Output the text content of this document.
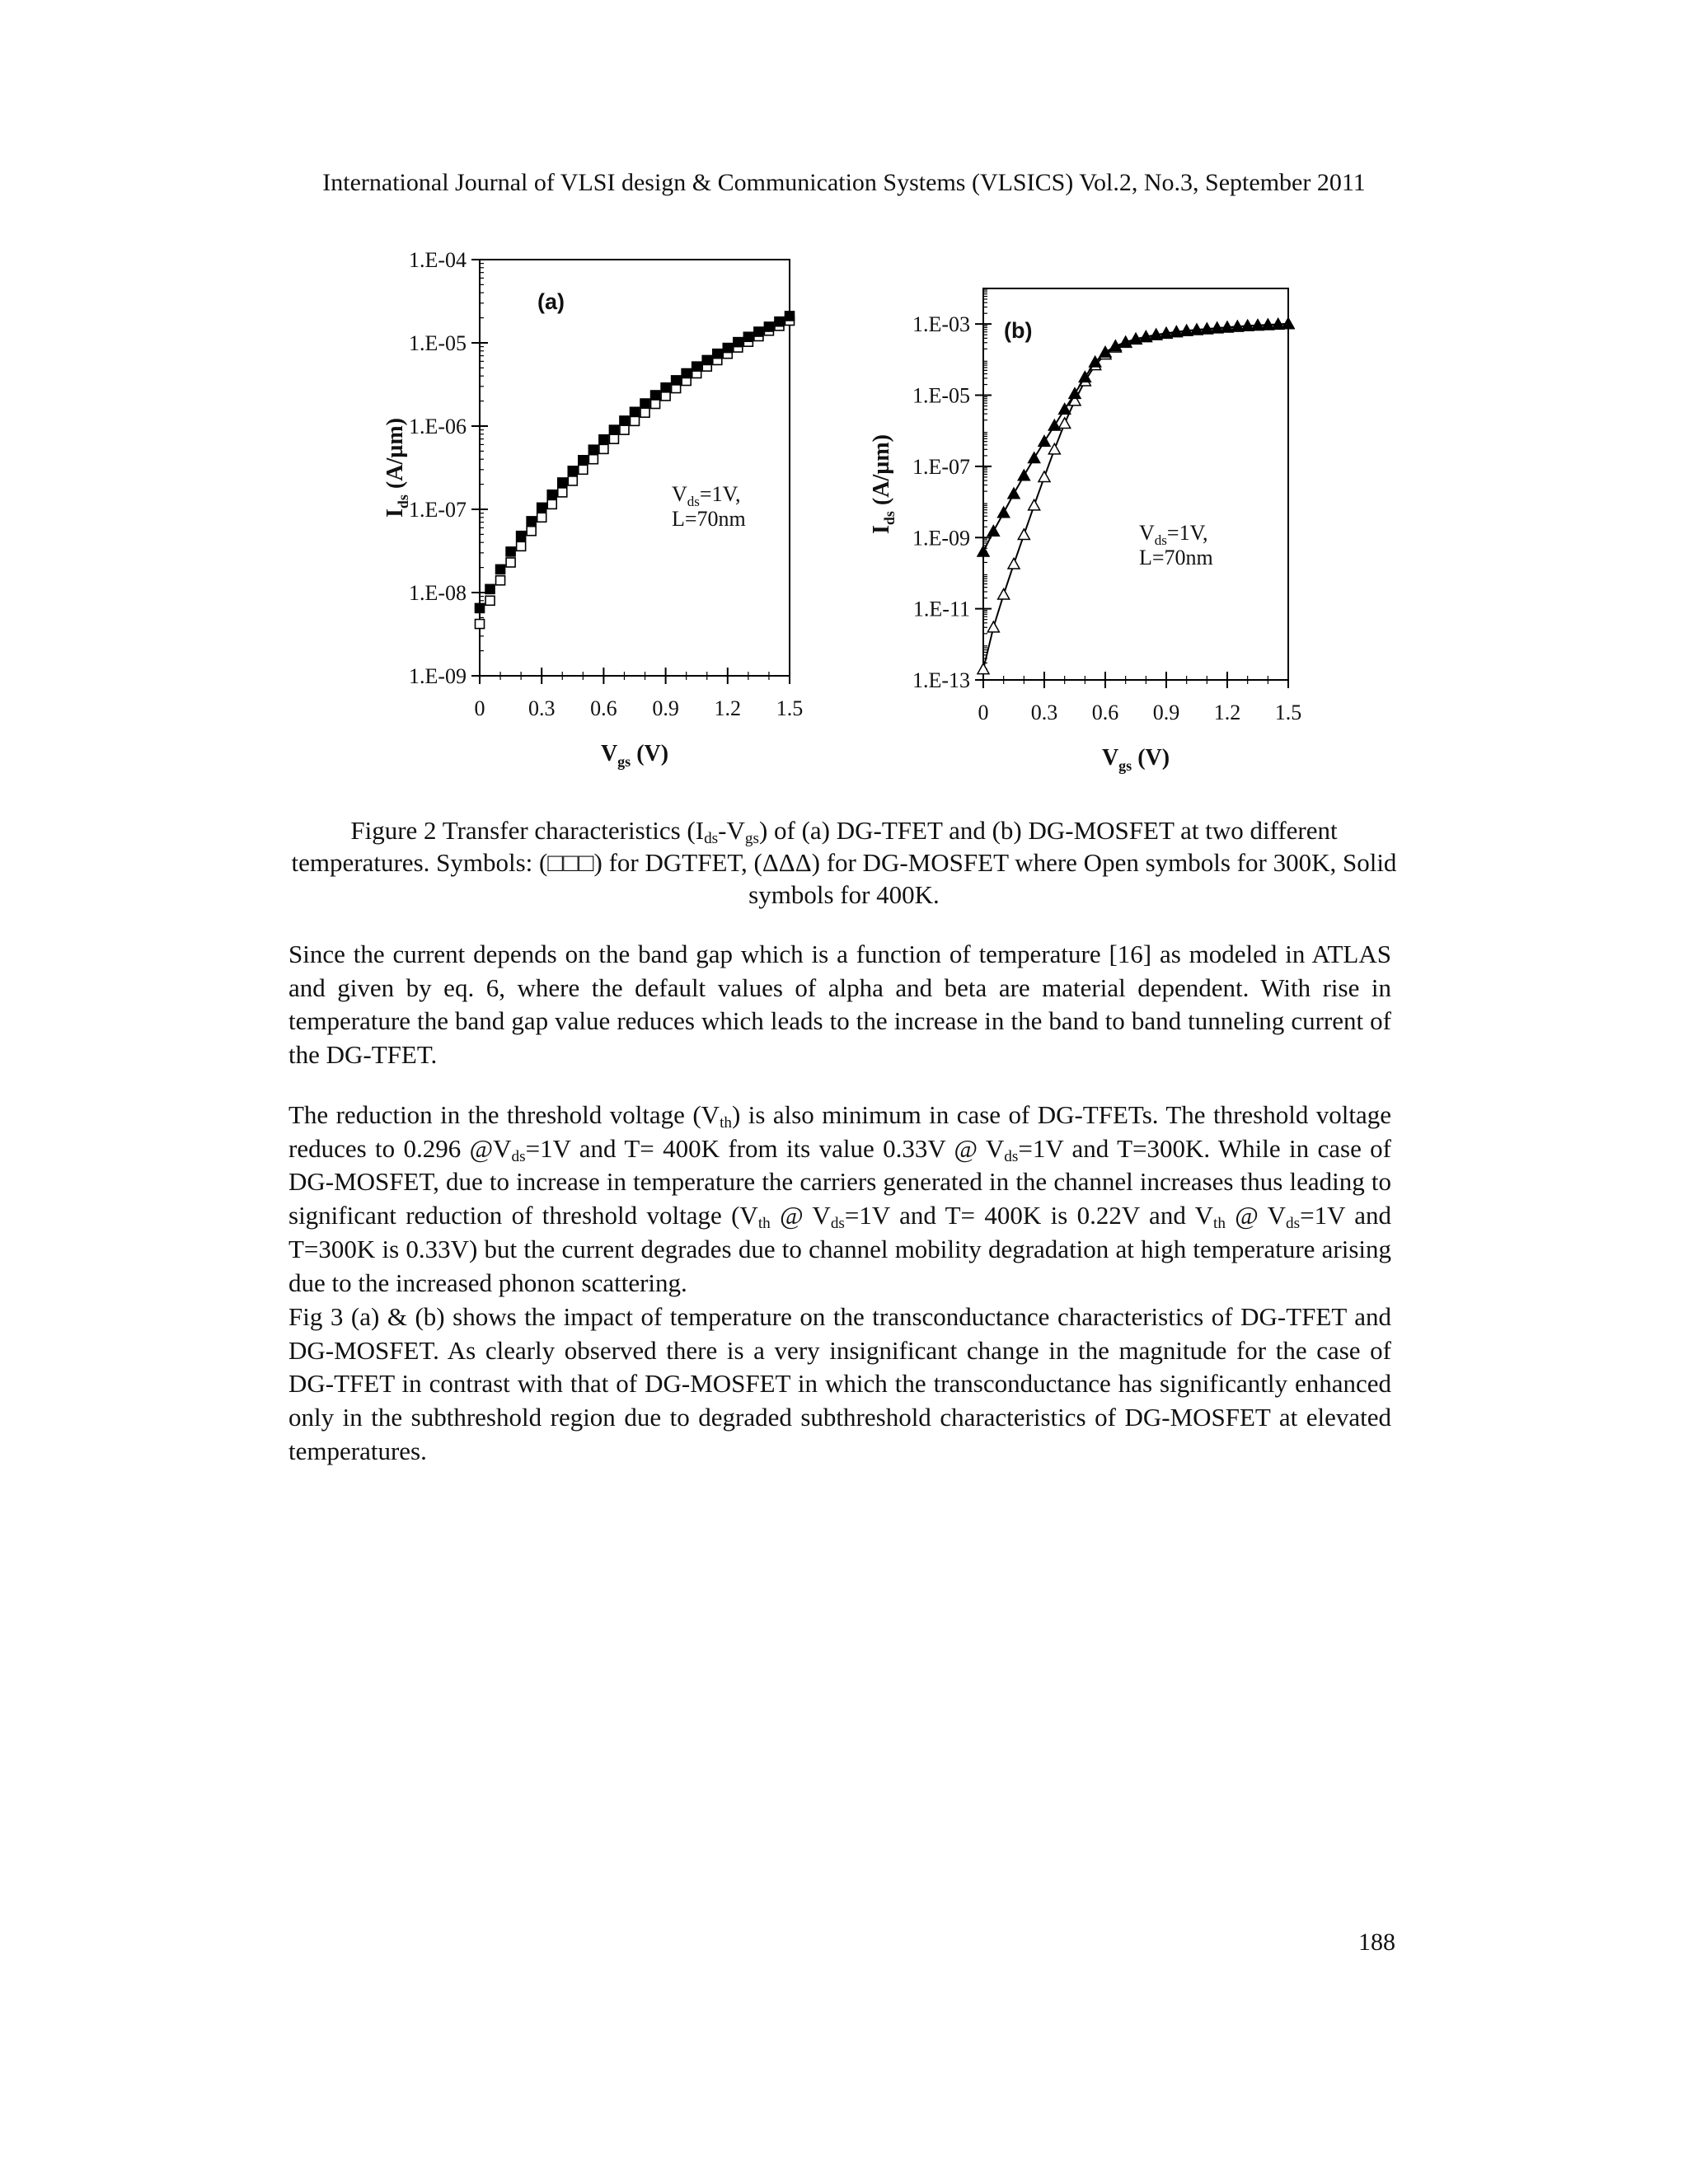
International Journal of VLSI design & Communication Systems (VLSICS) Vol.2, No.3, September 2011
1.E-09
1.E-08
1.E-07
1.E-06
1.E-05
1.E-04
0 0.3 0.6 0.9 1.2 1.5
$V_{gs}$ (V)
$I_{ds}$ (A/µm)
(a)
$V_{ds}=1V$,
L=70nm
1.E-13
1.E-11
1.E-09
1.E-07
1.E-05
1.E-03
0 0.3 0.6 0.9 1.2 1.5
$V_{gs}$ (V)
$I_{ds}$ (A/µm)
(b)
$V_{ds}=1V$,
L=70nm
Figure 2 Transfer characteristics $(I_{ds}-V_{gs})$ of (a) DG-TFET and (b) DG-MOSFET at two different temperatures. Symbols: (□□□) for DGTFET, (ΔΔΔ) for DG-MOSFET where Open symbols for 300K, Solid symbols for 400K.

Since the current depends on the band gap which is a function of temperature [16] as modeled in ATLAS and given by eq. 6, where the default values of alpha and beta are material dependent. With rise in temperature the band gap value reduces which leads to the increase in the band to band tunneling current of the DG-TFET.

The reduction in the threshold voltage $(V_{th})$ is also minimum in case of DG-TFETs. The threshold voltage reduces to 0.296 $@V_{ds}=1V$ and T= 400K from its value 0.33V @ $V_{ds}=1V$ and T=300K. While in case of DG-MOSFET, due to increase in temperature the carriers generated in the channel increases thus leading to significant reduction of threshold voltage ($V_{th}$ @ $V_{ds}=1V$ and T= 400K is 0.22V and $V_{th}$ @ $V_{ds}=1V$ and T=300K is 0.33V) but the current degrades due to channel mobility degradation at high temperature arising due to the increased phonon scattering.

Fig 3 (a) & (b) shows the impact of temperature on the transconductance characteristics of DG-TFET and DG-MOSFET. As clearly observed there is a very insignificant change in the magnitude for the case of DG-TFET in contrast with that of DG-MOSFET in which the transconductance has significantly enhanced only in the subthreshold region due to degraded subthreshold characteristics of DG-MOSFET at elevated temperatures.

188
